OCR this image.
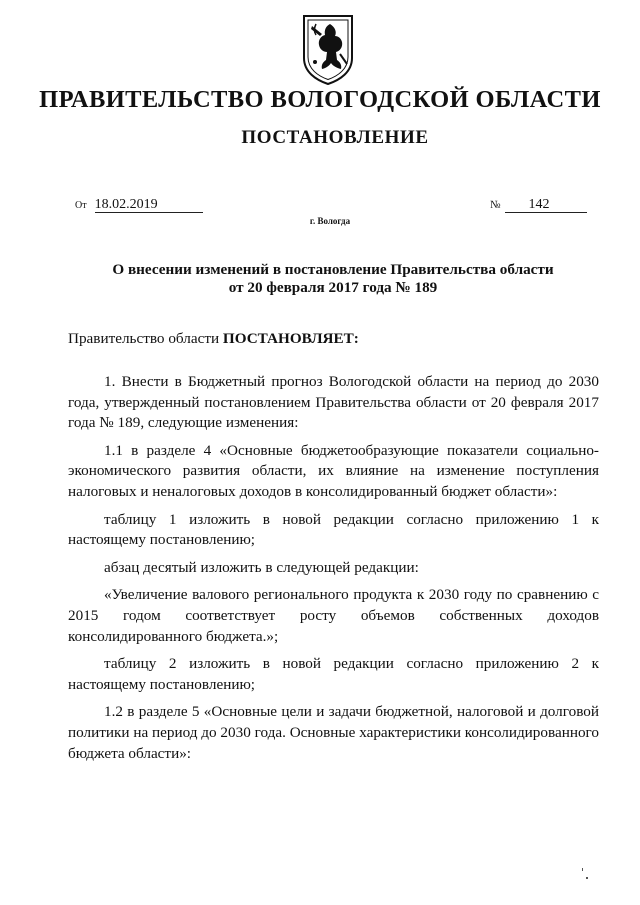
ПРАВИТЕЛЬСТВО ВОЛОГОДСКОЙ ОБЛАСТИ
ПОСТАНОВЛЕНИЕ
От 18.02.2019	№ 142
г. Вологда
О внесении изменений в постановление Правительства области
от 20 февраля 2017 года № 189
Правительство области ПОСТАНОВЛЯЕТ:

1. Внести в Бюджетный прогноз Вологодской области на период до 2030 года, утвержденный постановлением Правительства области от 20 февраля 2017 года № 189, следующие изменения:

1.1 в разделе 4 «Основные бюджетообразующие показатели социально-экономического развития области, их влияние на изменение поступления налоговых и неналоговых доходов в консолидированный бюджет области»:

таблицу 1 изложить в новой редакции согласно приложению 1 к настоящему постановлению;

абзац десятый изложить в следующей редакции:

«Увеличение валового регионального продукта к 2030 году по сравнению с 2015 годом соответствует росту объемов собственных доходов консолидированного бюджета.»;

таблицу 2 изложить в новой редакции согласно приложению 2 к настоящему постановлению;

1.2 в разделе 5 «Основные цели и задачи бюджетной, налоговой и долговой политики на период до 2030 года. Основные характеристики консолидированного бюджета области»:
